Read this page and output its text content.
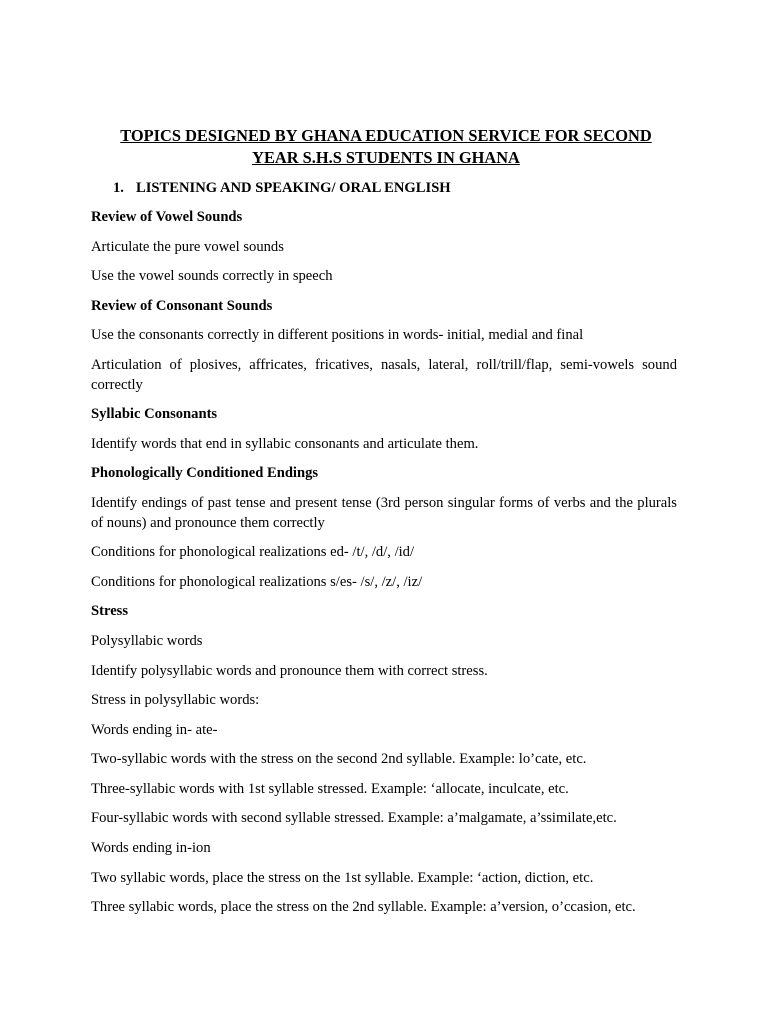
TOPICS DESIGNED BY GHANA EDUCATION SERVICE FOR SECOND
YEAR S.H.S STUDENTS IN GHANA
1. LISTENING AND SPEAKING/ ORAL ENGLISH
Review of Vowel Sounds
Articulate the pure vowel sounds
Use the vowel sounds correctly in speech
Review of Consonant Sounds
Use the consonants correctly in different positions in words- initial, medial and final
Articulation of plosives, affricates, fricatives, nasals, lateral, roll/trill/flap, semi-vowels sound correctly
Syllabic Consonants
Identify words that end in syllabic consonants and articulate them.
Phonologically Conditioned Endings
Identify endings of past tense and present tense (3rd person singular forms of verbs and the plurals of nouns) and pronounce them correctly
Conditions for phonological realizations ed- /t/, /d/, /id/
Conditions for phonological realizations s/es- /s/, /z/, /iz/
Stress
Polysyllabic words
Identify polysyllabic words and pronounce them with correct stress.
Stress in polysyllabic words:
Words ending in- ate-
Two-syllabic words with the stress on the second 2nd syllable. Example: lo’cate, etc.
Three-syllabic words with 1st syllable stressed. Example: ‘allocate, inculcate, etc.
Four-syllabic words with second syllable stressed. Example: a’malgamate, a’ssimilate,etc.
Words ending in-ion
Two syllabic words, place the stress on the 1st syllable. Example: ‘action, diction, etc.
Three syllabic words, place the stress on the 2nd syllable. Example: a’version, o’ccasion, etc.
